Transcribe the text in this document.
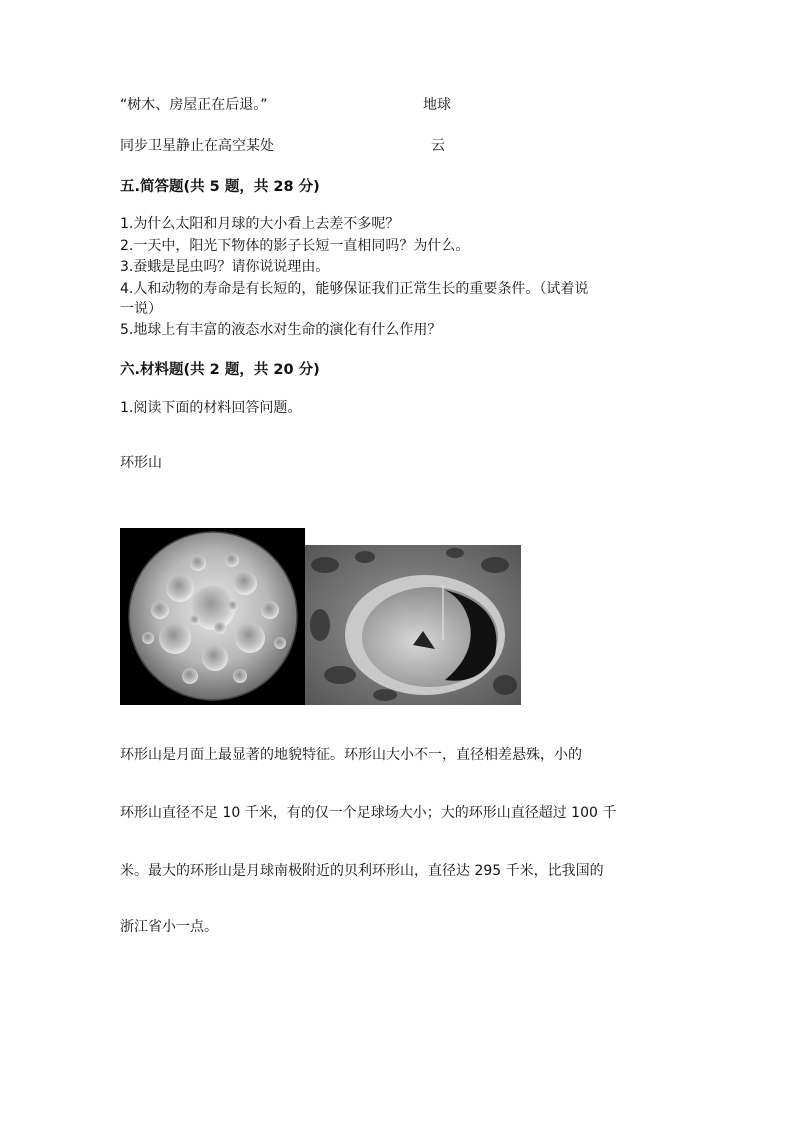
“树木、房屋正在后退。”	地球
同步卫星静止在高空某处	云
五.简答题(共 5 题，共 28 分)
1.为什么太阳和月球的大小看上去差不多呢？
2.一天中，阳光下物体的影子长短一直相同吗？为什么。
3.蚕蛾是昆虫吗？请你说说理由。
4.人和动物的寿命是有长短的，能够保证我们正常生长的重要条件。（试着说
一说）
5.地球上有丰富的液态水对生命的演化有什么作用？
六.材料题(共 2 题，共 20 分)
1.阅读下面的材料回答问题。
环形山
环形山是月面上最显著的地貌特征。环形山大小不一，直径相差悬殊，小的
环形山直径不足 10 千米，有的仅一个足球场大小；大的环形山直径超过 100 千
米。最大的环形山是月球南极附近的贝利环形山，直径达 295 千米，比我国的
浙江省小一点。
